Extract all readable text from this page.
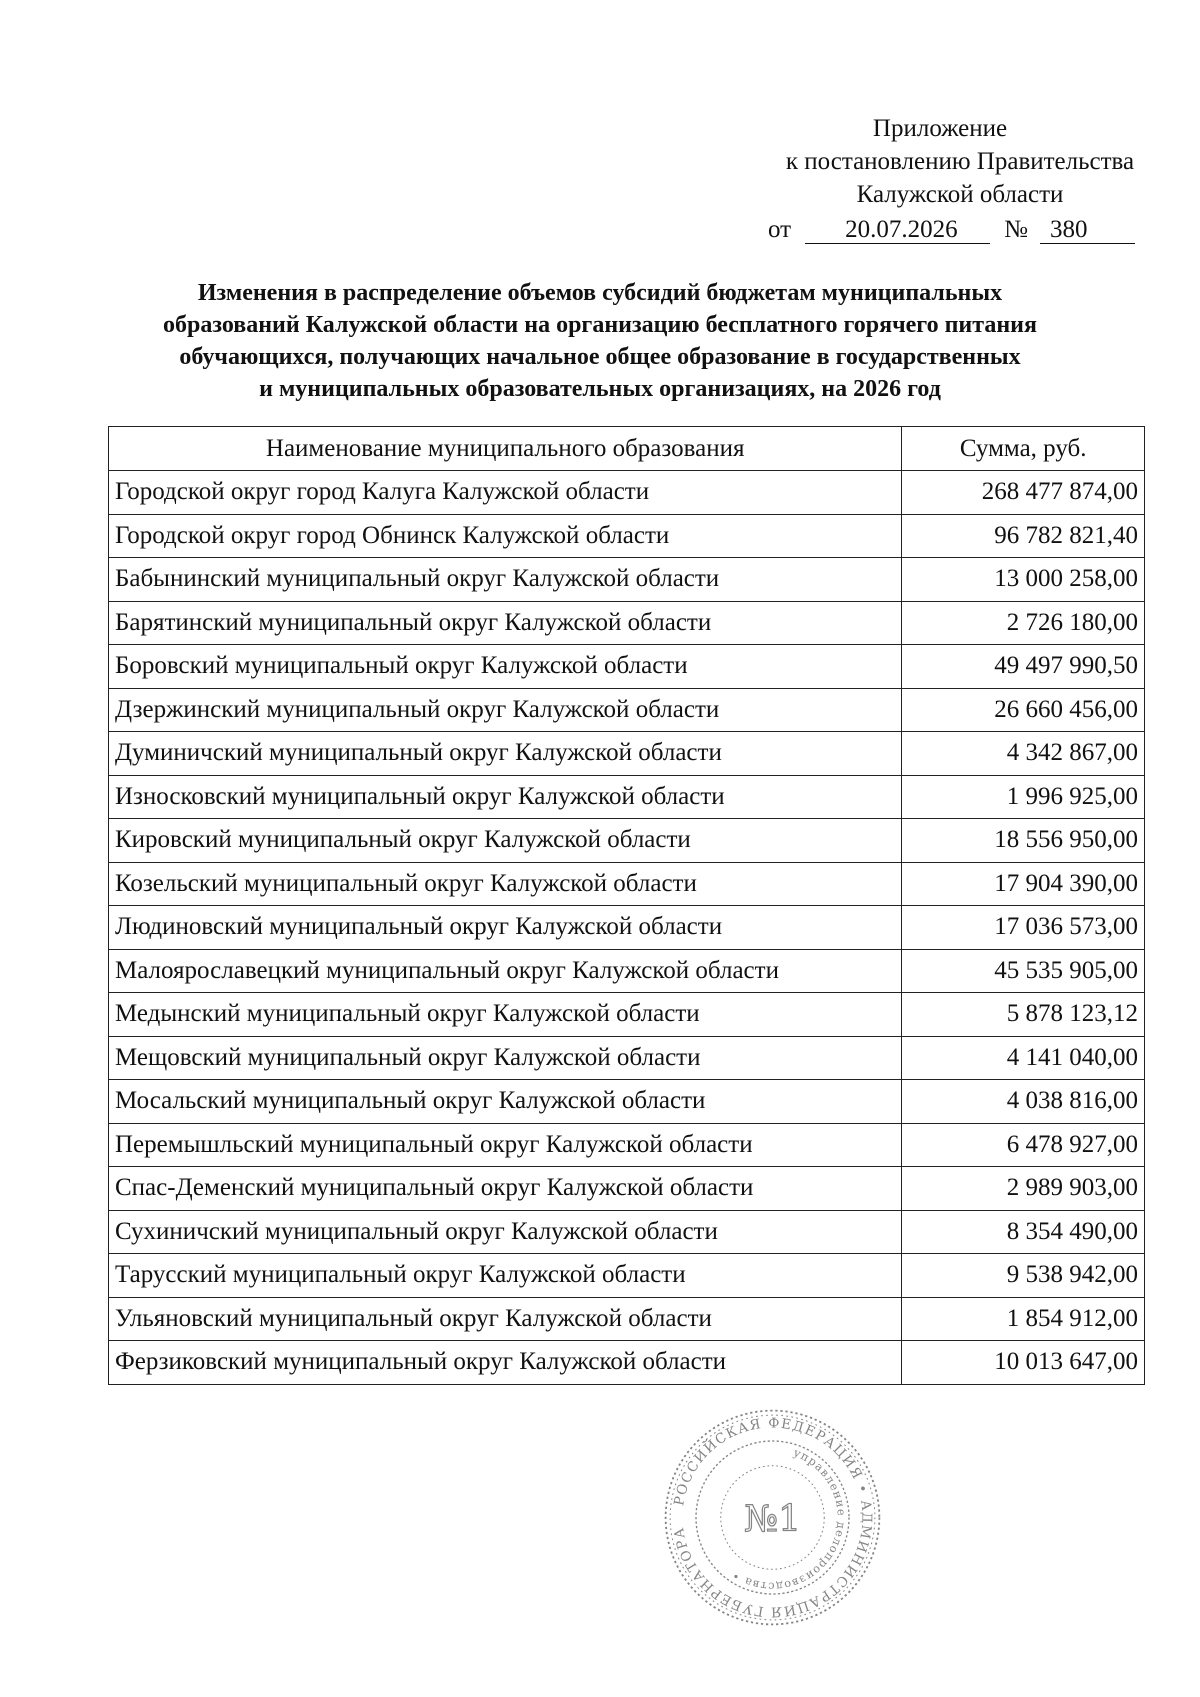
Приложение
к постановлению Правительства
Калужской области
от	20.07.2026	№ 380
Изменения в распределение объемов субсидий бюджетам муниципальных
образований Калужской области на организацию бесплатного горячего питания
обучающихся, получающих начальное общее образование в государственных
и муниципальных образовательных организациях, на 2026 год
Наименование муниципального образования	Сумма, руб.
Городской округ город Калуга Калужской области	268 477 874,00
Городской округ город Обнинск Калужской области	96 782 821,40
Бабынинский муниципальный округ Калужской области	13 000 258,00
Барятинский муниципальный округ Калужской области	2 726 180,00
Боровский муниципальный округ Калужской области	49 497 990,50
Дзержинский муниципальный округ Калужской области	26 660 456,00
Думиничский муниципальный округ Калужской области	4 342 867,00
Износковский муниципальный округ Калужской области	1 996 925,00
Кировский муниципальный округ Калужской области	18 556 950,00
Козельский муниципальный округ Калужской области	17 904 390,00
Людиновский муниципальный округ Калужской области	17 036 573,00
Малоярославецкий муниципальный округ Калужской области	45 535 905,00
Медынский муниципальный округ Калужской области	5 878 123,12
Мещовский муниципальный округ Калужской области	4 141 040,00
Мосальский муниципальный округ Калужской области	4 038 816,00
Перемышльский муниципальный округ Калужской области	6 478 927,00
Спас-Деменский муниципальный округ Калужской области	2 989 903,00
Сухиничский муниципальный округ Калужской области	8 354 490,00
Тарусский муниципальный округ Калужской области	9 538 942,00
Ульяновский муниципальный округ Калужской области	1 854 912,00
Ферзиковский муниципальный округ Калужской области	10 013 647,00
РОССИЙСКАЯ ФЕДЕРАЦИЯ • АДМИНИСТРАЦИЯ ГУБЕРНАТОРА
управление делопроизводства •
№1
